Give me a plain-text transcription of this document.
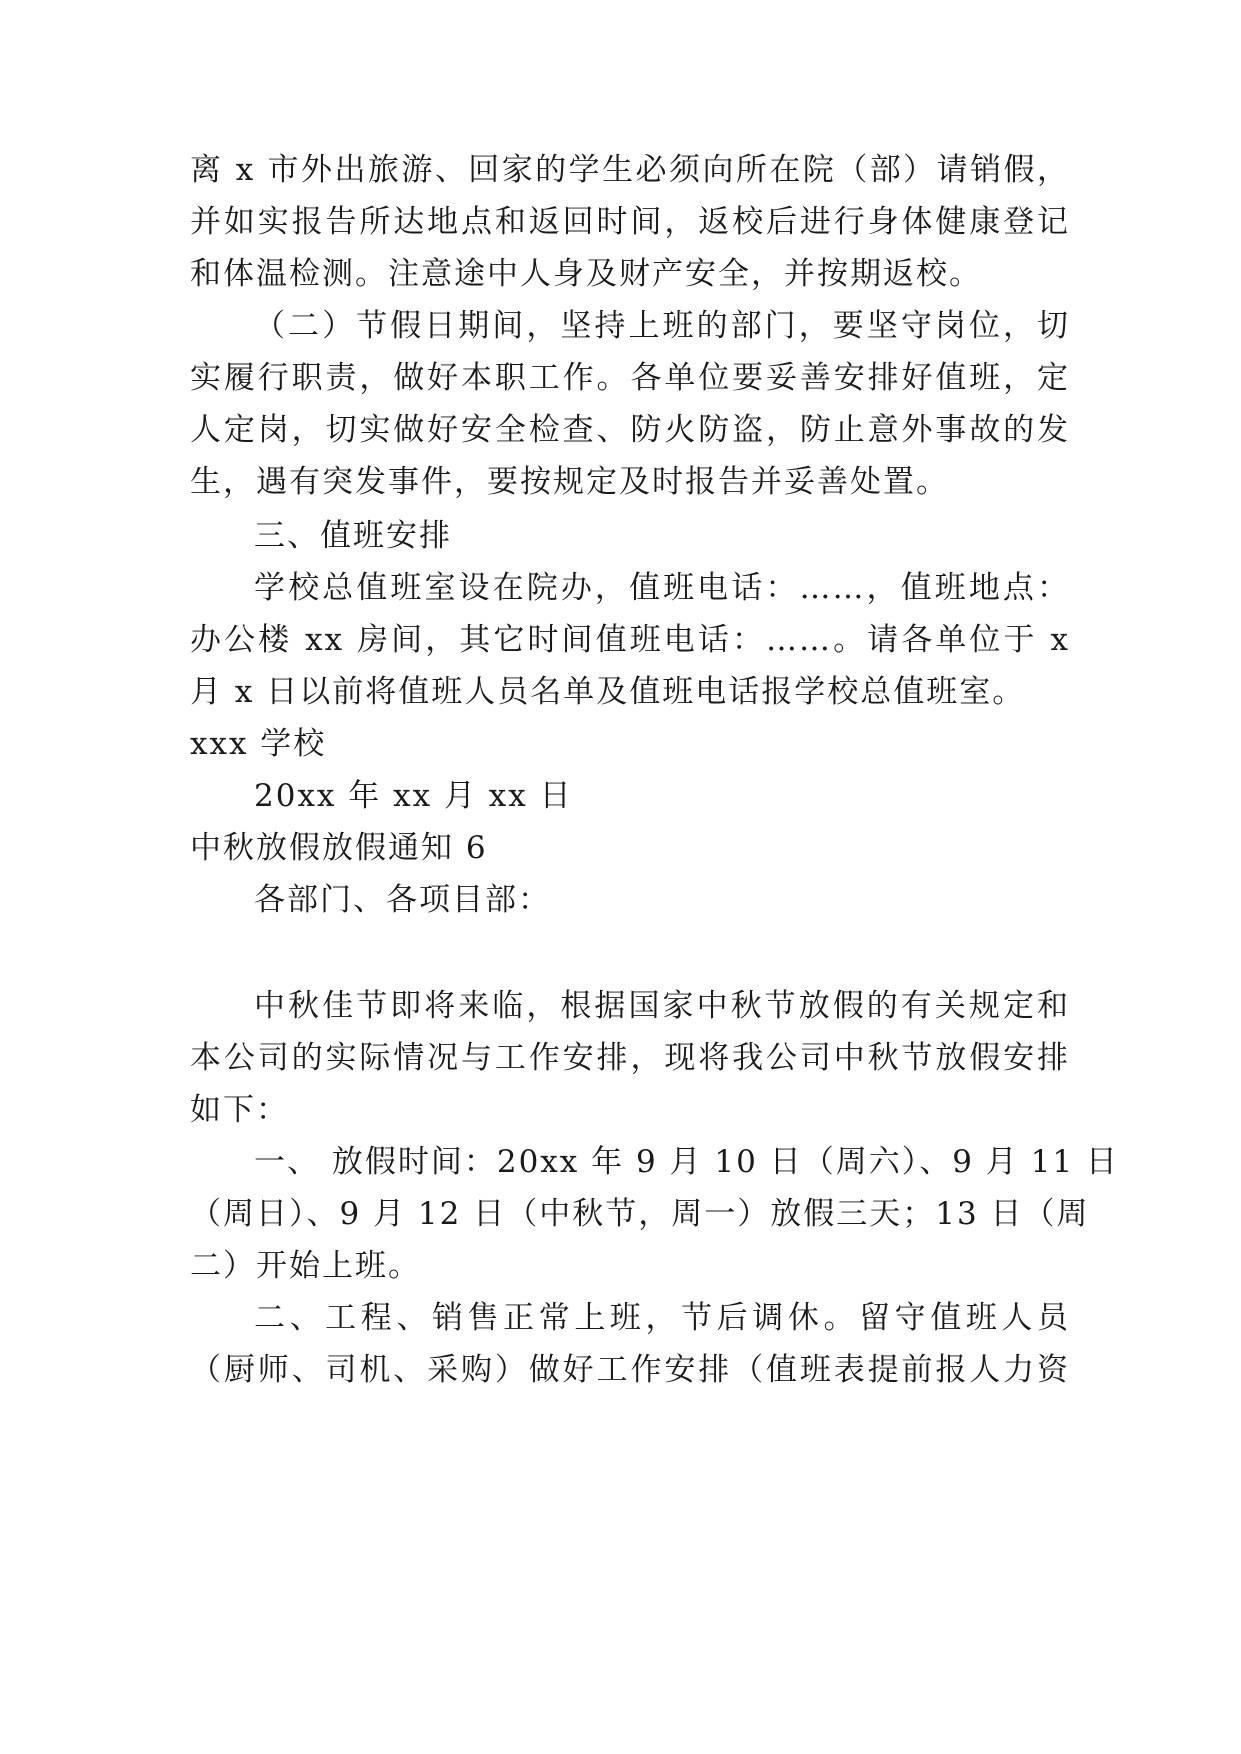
离 x 市外出旅游、回家的学生必须向所在院（部）请销假，
并如实报告所达地点和返回时间，返校后进行身体健康登记
和体温检测。注意途中人身及财产安全，并按期返校。
（二）节假日期间，坚持上班的部门，要坚守岗位，切
实履行职责，做好本职工作。各单位要妥善安排好值班，定
人定岗，切实做好安全检查、防火防盗，防止意外事故的发
生，遇有突发事件，要按规定及时报告并妥善处置。
三、值班安排
学校总值班室设在院办，值班电话：……，值班地点：
办公楼 xx 房间，其它时间值班电话：……。请各单位于 x
月 x 日以前将值班人员名单及值班电话报学校总值班室。
xxx 学校
20xx 年 xx 月 xx 日
中秋放假放假通知 6
各部门、各项目部：
中秋佳节即将来临，根据国家中秋节放假的有关规定和
本公司的实际情况与工作安排，现将我公司中秋节放假安排
如下：
一、 放假时间：20xx 年 9 月 10 日（周六）、9 月 11 日
（周日）、9 月 12 日（中秋节，周一）放假三天；13 日（周
二）开始上班。
二、工程、销售正常上班，节后调休。留守值班人员
（厨师、司机、采购）做好工作安排（值班表提前报人力资
